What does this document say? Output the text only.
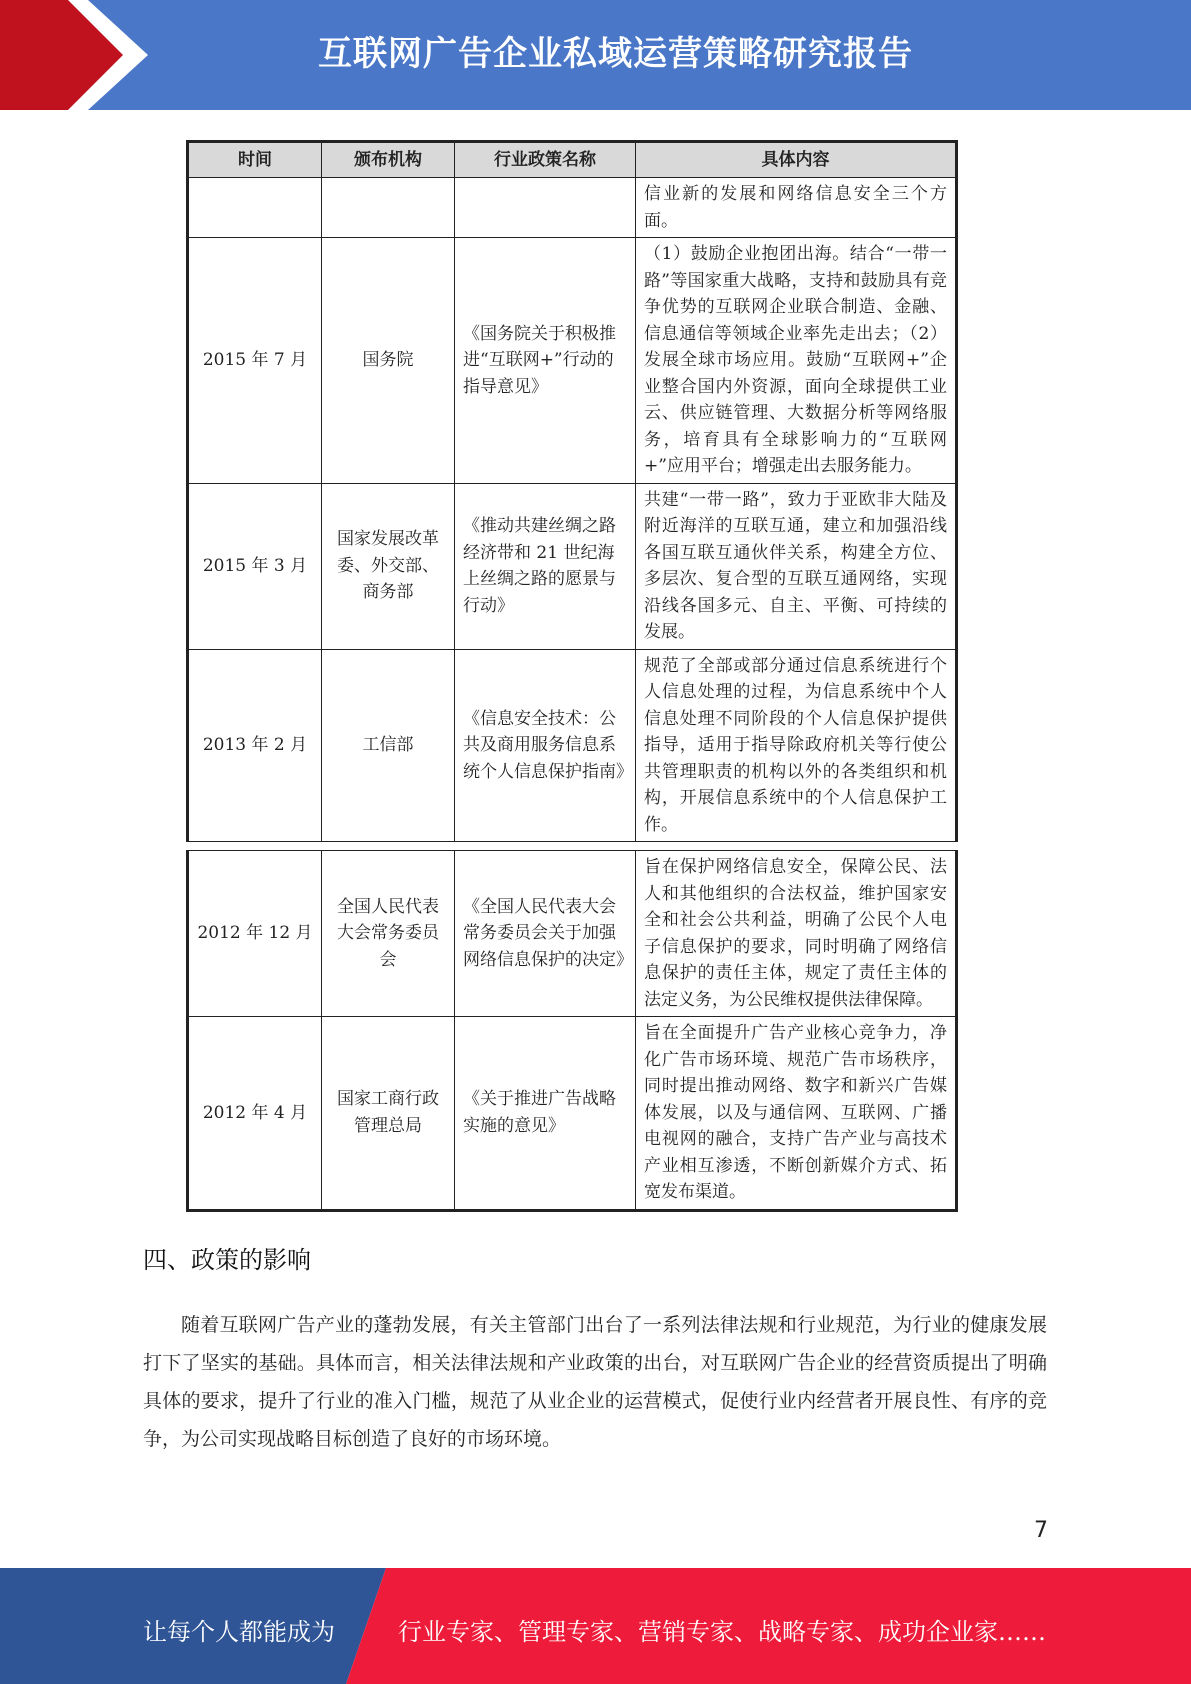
互联网广告企业私域运营策略研究报告
时间	颁布机构	行业政策名称	具体内容
			信业新的发展和网络信息安全三个方面。
2015 年 7 月	国务院	《国务院关于积极推进“互联网+”行动的指导意见》	（1）鼓励企业抱团出海。结合“一带一路”等国家重大战略，支持和鼓励具有竞争优势的互联网企业联合制造、金融、信息通信等领域企业率先走出去；（2）发展全球市场应用。鼓励“互联网+”企业整合国内外资源，面向全球提供工业云、供应链管理、大数据分析等网络服务，培育具有全球影响力的“互联网+”应用平台；增强走出去服务能力。
2015 年 3 月	国家发展改革委、外交部、商务部	《推动共建丝绸之路经济带和 21 世纪海上丝绸之路的愿景与行动》	共建“一带一路”，致力于亚欧非大陆及附近海洋的互联互通，建立和加强沿线各国互联互通伙伴关系，构建全方位、多层次、复合型的互联互通网络，实现沿线各国多元、自主、平衡、可持续的发展。
2013 年 2 月	工信部	《信息安全技术：公共及商用服务信息系统个人信息保护指南》	规范了全部或部分通过信息系统进行个人信息处理的过程，为信息系统中个人信息处理不同阶段的个人信息保护提供指导，适用于指导除政府机关等行使公共管理职责的机构以外的各类组织和机构，开展信息系统中的个人信息保护工作。
2012 年 12 月	全国人民代表大会常务委员会	《全国人民代表大会常务委员会关于加强网络信息保护的决定》	旨在保护网络信息安全，保障公民、法人和其他组织的合法权益，维护国家安全和社会公共利益，明确了公民个人电子信息保护的要求，同时明确了网络信息保护的责任主体，规定了责任主体的法定义务，为公民维权提供法律保障。
2012 年 4 月	国家工商行政管理总局	《关于推进广告战略实施的意见》	旨在全面提升广告产业核心竞争力，净化广告市场环境、规范广告市场秩序，同时提出推动网络、数字和新兴广告媒体发展，以及与通信网、互联网、广播电视网的融合，支持广告产业与高技术产业相互渗透，不断创新媒介方式、拓宽发布渠道。
四、政策的影响

随着互联网广告产业的蓬勃发展，有关主管部门出台了一系列法律法规和行业规范，为行业的健康发展打下了坚实的基础。具体而言，相关法律法规和产业政策的出台，对互联网广告企业的经营资质提出了明确具体的要求，提升了行业的准入门槛，规范了从业企业的运营模式，促使行业内经营者开展良性、有序的竞争，为公司实现战略目标创造了良好的市场环境。

7
让每个人都能成为	行业专家、管理专家、营销专家、战略专家、成功企业家……
